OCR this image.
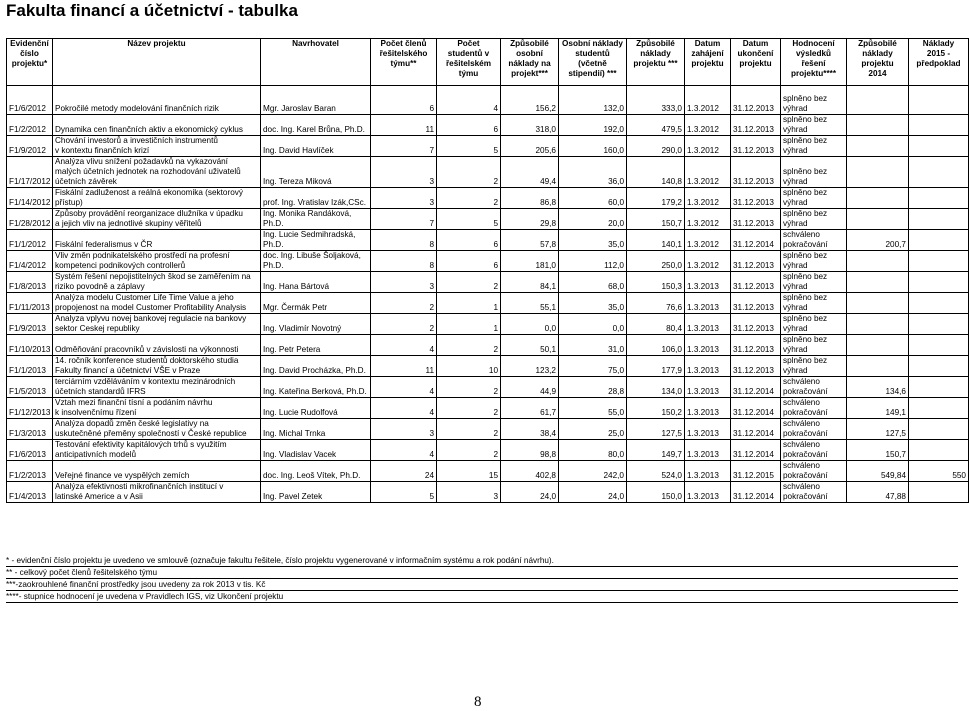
Fakulta financí a účetnictví - tabulka
Evidenční
číslo
projektu*	Název projektu	Navrhovatel	Počet členů
řešitelského
týmu**	Počet
studentů v
řešitelském
týmu	Způsobilé
osobní
náklady na
projekt***	Osobní náklady
studentů
(včetně
stipendií) ***	Způsobilé
náklady
projektu ***	Datum
zahájení
projektu	Datum
ukončení
projektu	Hodnocení
výsledků
řešení
projektu****	Způsobilé
náklady
projektu
2014	Náklady
2015 -
předpoklad

F1/6/2012	Pokročilé metody modelování finančních rizik	Mgr. Jaroslav Baran	6	4	156,2	132,0	333,0	1.3.2012	31.12.2013	splněno bez
výhrad		
F1/2/2012	Dynamika cen finančních aktiv a ekonomický cyklus	doc. Ing. Karel Brůna, Ph.D.	11	6	318,0	192,0	479,5	1.3.2012	31.12.2013	splněno bez
výhrad		
F1/9/2012	Chování investorů a investičních instrumentů
v kontextu finančních krizí	Ing. David Havlíček	7	5	205,6	160,0	290,0	1.3.2012	31.12.2013	splněno bez
výhrad		
F1/17/2012	Analýza vlivu snížení požadavků na vykazování
malých účetních jednotek na rozhodování uživatelů
účetních závěrek	Ing. Tereza Miková	3	2	49,4	36,0	140,8	1.3.2012	31.12.2013	splněno bez
výhrad		
F1/14/2012	Fiskální zadluženost a reálná ekonomika (sektorový
přístup)	prof. Ing. Vratislav Izák,CSc.	3	2	86,8	60,0	179,2	1.3.2012	31.12.2013	splněno bez
výhrad		
F1/28/2012	Způsoby provádění reorganizace dlužníka v úpadku
a jejich vliv na jednotlivé skupiny věřitelů	Ing. Monika Randáková, Ph.D.	7	5	29,8	20,0	150,7	1.3.2012	31.12.2013	splněno bez
výhrad		
F1/1/2012	Fiskální federalismus v ČR	Ing. Lucie Sedmihradská, Ph.D.	8	6	57,8	35,0	140,1	1.3.2012	31.12.2014	schváleno
pokračování	200,7	
F1/4/2012	Vliv změn podnikatelského prostředí na profesní
kompetenci podnikových controllerů	doc. Ing. Libuše Šoljaková, Ph.D.	8	6	181,0	112,0	250,0	1.3.2012	31.12.2013	splněno bez
výhrad		
F1/8/2013	Systém řešení nepojistitelných škod se zaměřením na
riziko povodně a záplavy	Ing. Hana Bártová	3	2	84,1	68,0	150,3	1.3.2013	31.12.2013	splněno bez
výhrad		
F1/11/2013	Analýza modelu Customer Life Time Value a jeho
propojenost na model Customer Profitability Analysis	Mgr. Čermák Petr	2	1	55,1	35,0	76,6	1.3.2013	31.12.2013	splněno bez
výhrad		
F1/9/2013	Analyza vplyvu novej bankovej regulacie na bankovy
sektor Ceskej republiky	Ing. Vladimír Novotný	2	1	0,0	0,0	80,4	1.3.2013	31.12.2013	splněno bez
výhrad		
F1/10/2013	Odměňování pracovníků v závislosti na výkonnosti	Ing. Petr Petera	4	2	50,1	31,0	106,0	1.3.2013	31.12.2013	splněno bez
výhrad		
F1/1/2013	14. ročník konference studentů doktorského studia
Fakulty financí a účetnictví VŠE v Praze	Ing. David Procházka, Ph.D.	11	10	123,2	75,0	177,9	1.3.2013	31.12.2013	splněno bez
výhrad		
F1/5/2013	terciárním vzděláváním v kontextu mezinárodních
účetních standardů IFRS	Ing. Kateřina Berková, Ph.D.	4	2	44,9	28,8	134,0	1.3.2013	31.12.2014	schváleno
pokračování	134,6	
F1/12/2013	Vztah mezi finanční tísní a podáním návrhu
k insolvenčnímu řízení	Ing. Lucie Rudolfová	4	2	61,7	55,0	150,2	1.3.2013	31.12.2014	schváleno
pokračování	149,1	
F1/3/2013	Analýza dopadů změn české legislativy na
uskutečněné přeměny společností v České republice	Ing. Michal Trnka	3	2	38,4	25,0	127,5	1.3.2013	31.12.2014	schváleno
pokračování	127,5	
F1/6/2013	Testování efektivity kapitálových trhů s využitím
anticipativních modelů	Ing. Vladislav Vacek	4	2	98,8	80,0	149,7	1.3.2013	31.12.2014	schváleno
pokračování	150,7	
F1/2/2013	Veřejné finance ve vyspělých zemích	doc. Ing. Leoš Vítek, Ph.D.	24	15	402,8	242,0	524,0	1.3.2013	31.12.2015	schváleno
pokračování	549,84	550
F1/4/2013	Analýza efektivnosti mikrofinančních institucí v
latinské Americe a v Asii	Ing. Pavel Zetek	5	3	24,0	24,0	150,0	1.3.2013	31.12.2014	schváleno
pokračování	47,88	
* - evidenční číslo projektu je uvedeno ve smlouvě (označuje fakultu řešitele, číslo projektu vygenerované v informačním systému a rok podání návrhu).
** - celkový počet členů řešitelského týmu
***-zaokrouhlené finanční prostředky jsou uvedeny za rok 2013 v tis. Kč
****- stupnice hodnocení je uvedena v Pravidlech IGS, viz Ukončení projektu
8
